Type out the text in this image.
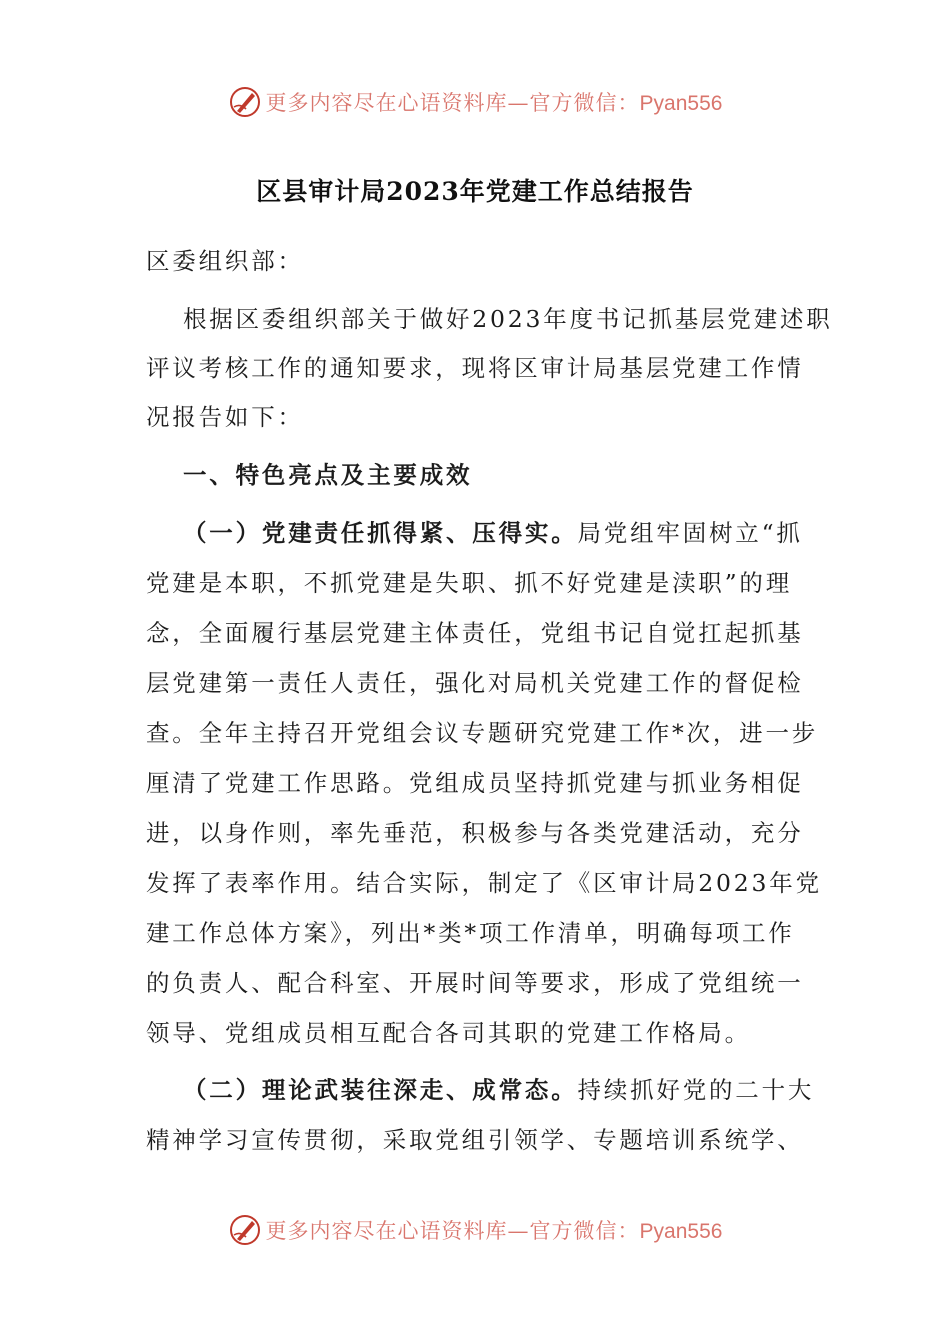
更多内容尽在心语资料库—官方微信：Pyan556
区县审计局2023年党建工作总结报告
区委组织部：
根据区委组织部关于做好2023年度书记抓基层党建述职
评议考核工作的通知要求，现将区审计局基层党建工作情
况报告如下：
一、特色亮点及主要成效
（一）党建责任抓得紧、压得实。局党组牢固树立“抓
党建是本职，不抓党建是失职、抓不好党建是渎职”的理
念，全面履行基层党建主体责任，党组书记自觉扛起抓基
层党建第一责任人责任，强化对局机关党建工作的督促检
查。全年主持召开党组会议专题研究党建工作*次，进一步
厘清了党建工作思路。党组成员坚持抓党建与抓业务相促
进，以身作则，率先垂范，积极参与各类党建活动，充分
发挥了表率作用。结合实际，制定了《区审计局2023年党
建工作总体方案》，列出*类*项工作清单，明确每项工作
的负责人、配合科室、开展时间等要求，形成了党组统一
领导、党组成员相互配合各司其职的党建工作格局。
（二）理论武装往深走、成常态。持续抓好党的二十大
精神学习宣传贯彻，采取党组引领学、专题培训系统学、
更多内容尽在心语资料库—官方微信：Pyan556
